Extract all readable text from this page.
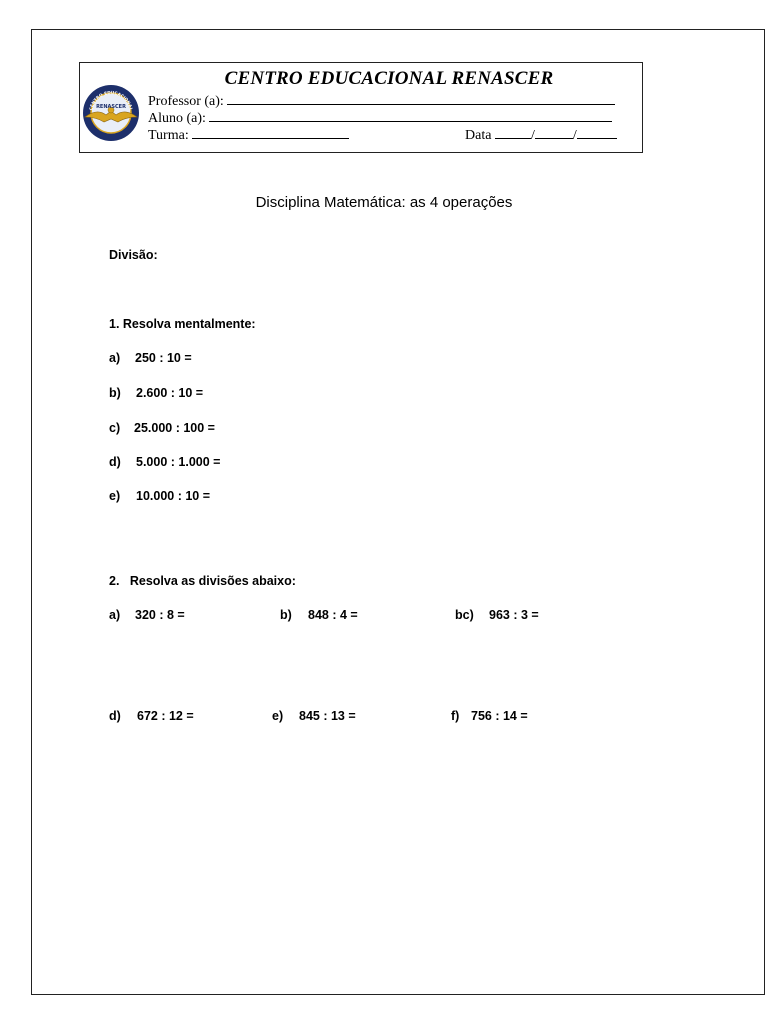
RENASCER
CENTRO EDUCACIONAL
CENTRO EDUCACIONAL RENASCER
Professor (a):
Aluno (a):
Turma:	Data	/	/
Disciplina Matemática: as 4 operações
Divisão:
1. Resolva mentalmente:
a) 250 : 10 =
b) 2.600 : 10 =
c) 25.000 : 100 =
d) 5.000 : 1.000 =
e) 10.000 : 10 =
2.   Resolva as divisões abaixo:
a) 320 : 8 =	b) 848 : 4 =	bc) 963 : 3 =
d) 672 : 12 =	e) 845 : 13 =	f) 756 : 14 =
